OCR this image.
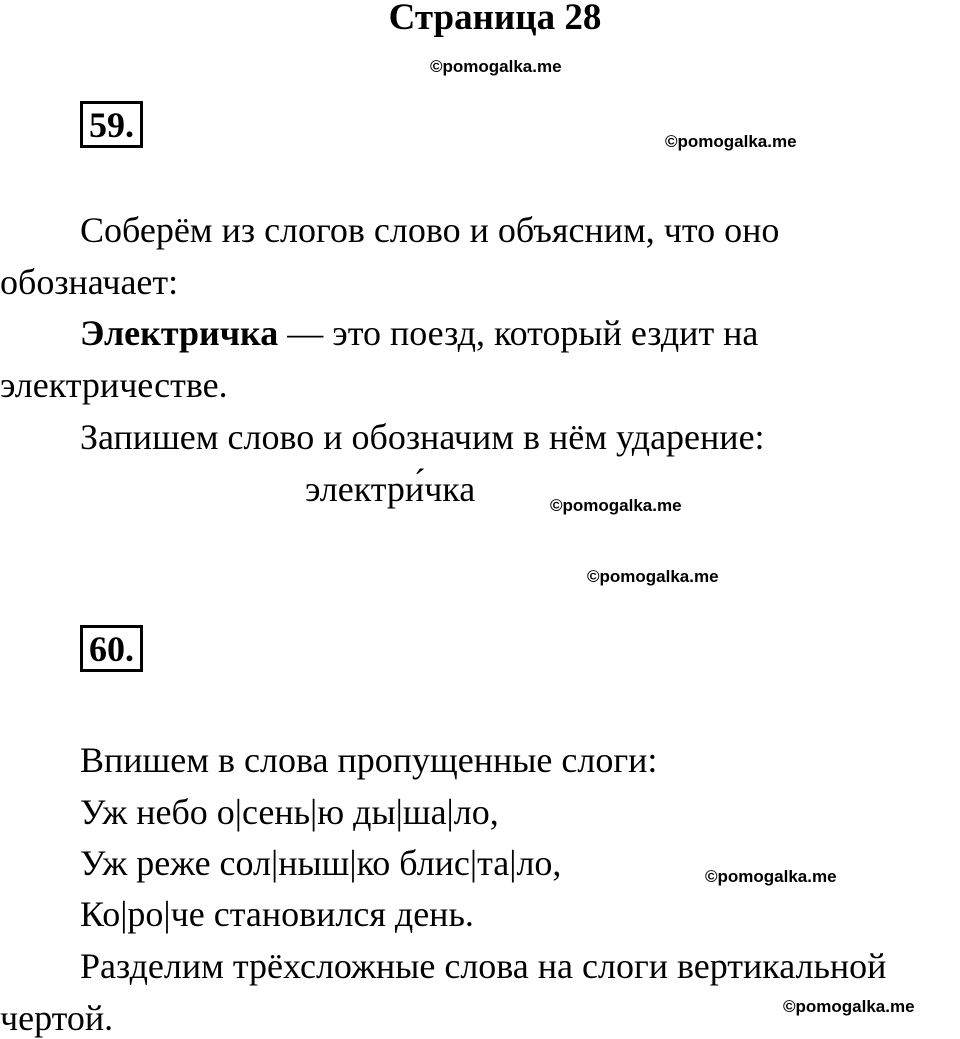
Страница 28
©pomogalka.me
59.	©pomogalka.me
Соберём из слогов слово и объясним, что оно
обозначает:
Электричка — это поезд, который ездит на
электричестве.
Запишем слово и обозначим в нём ударение:
электри́чка	©pomogalka.me
©pomogalka.me
60.
Впишем в слова пропущенные слоги:
Уж небо о|сень|ю ды|ша|ло,
Уж реже сол|ныш|ко блис|та|ло,	©pomogalka.me
Ко|ро|че становился день.
Разделим трёхсложные слова на слоги вертикальной
©pomogalka.me
чертой.
